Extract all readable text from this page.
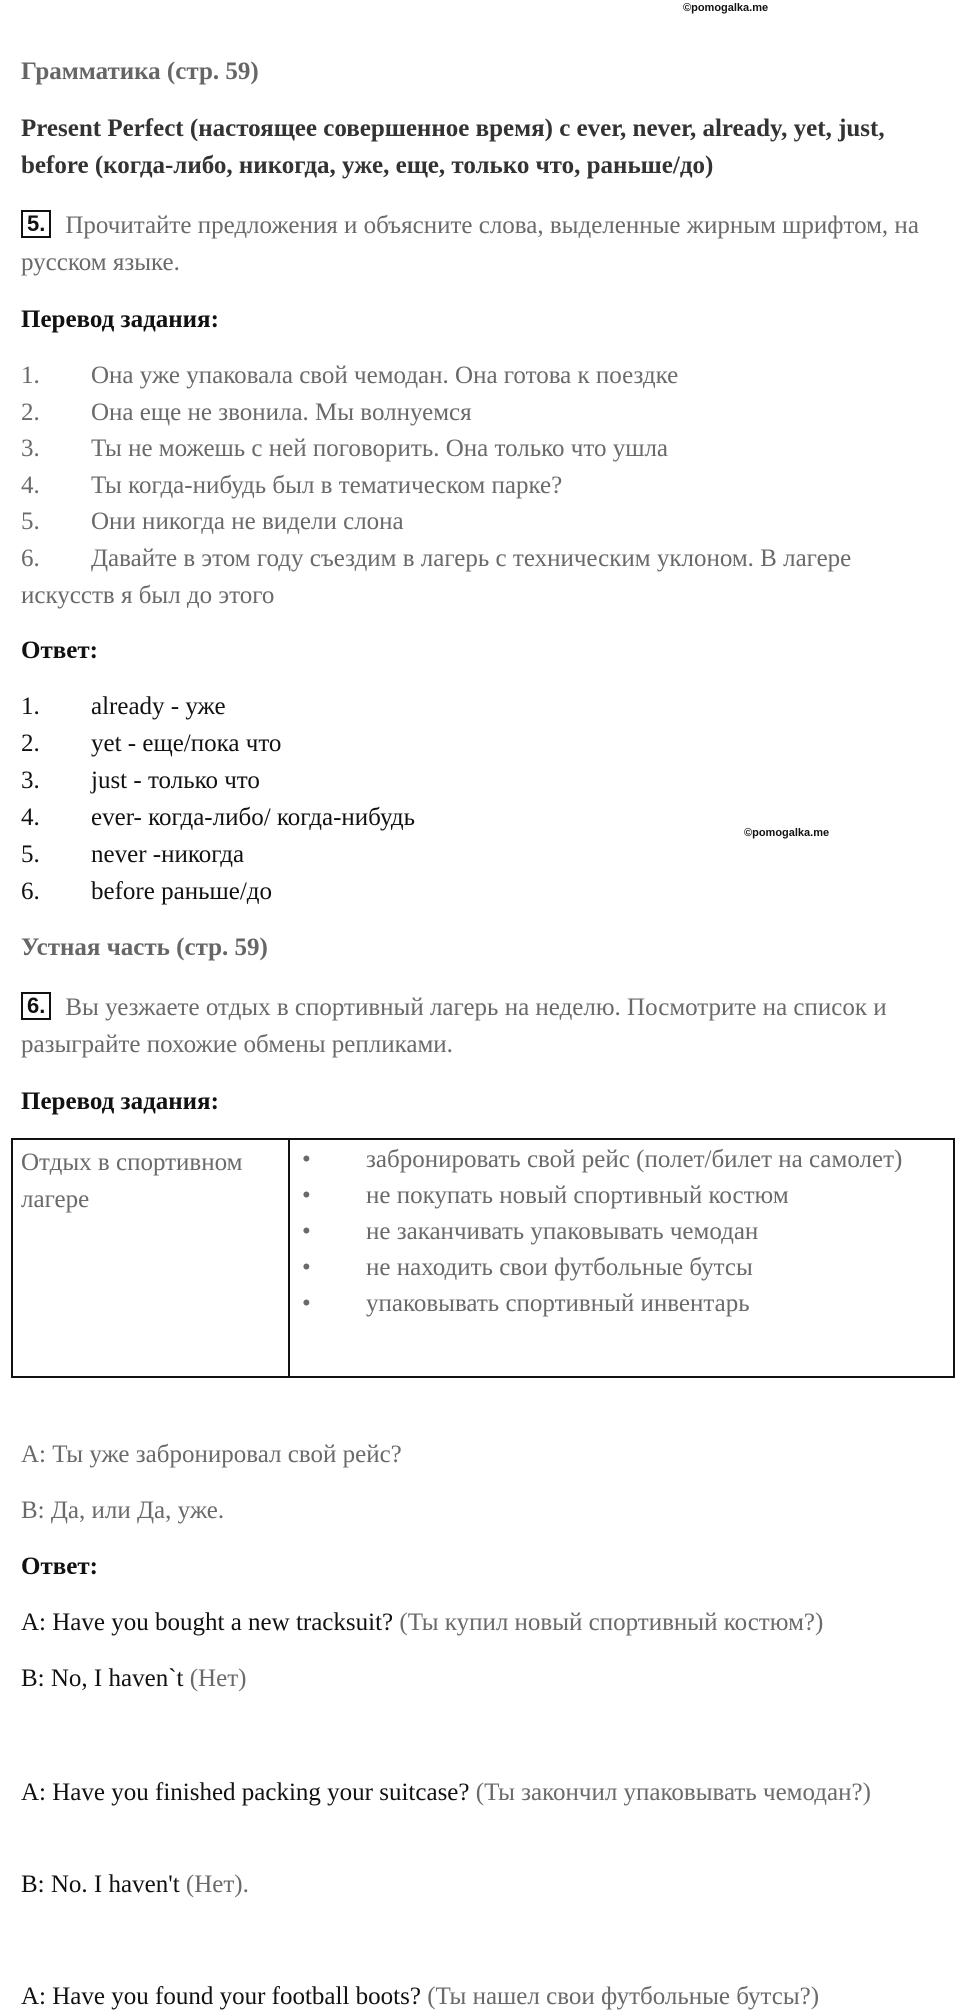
©pomogalka.me
Грамматика (стр. 59)
Present Perfect (настоящее совершенное время) с ever, never, already, yet, just, before (когда-либо, никогда, уже, еще, только что, раньше/до)
5. Прочитайте предложения и объясните слова, выделенные жирным шрифтом, на русском языке.
Перевод задания:
1. Она уже упаковала свой чемодан. Она готова к поездке
2. Она еще не звонила. Мы волнуемся
3. Ты не можешь с ней поговорить. Она только что ушла
4. Ты когда-нибудь был в тематическом парке?
5. Они никогда не видели слона
6. Давайте в этом году съездим в лагерь с техническим уклоном. В лагере искусств я был до этого
Ответ:
1. already - уже
2. yet - еще/пока что
3. just - только что
4. ever- когда-либо/ когда-нибудь
5. never -никогда
6. before раньше/до
©pomogalka.me
Устная часть (стр. 59)
6. Вы уезжаете отдых в спортивный лагерь на неделю. Посмотрите на список и разыграйте похожие обмены репликами.
Перевод задания:
Отдых в спортивном лагере
• забронировать свой рейс (полет/билет на самолет)
• не покупать новый спортивный костюм
• не заканчивать упаковывать чемодан
• не находить свои футбольные бутсы
• упаковывать спортивный инвентарь
A: Ты уже забронировал свой рейс?
B: Да, или Да, уже.
Ответ:
A: Have you bought a new tracksuit? (Ты купил новый спортивный костюм?)
B: No, I haven`t (Нет)
A: Have you finished packing your suitcase? (Ты закончил упаковывать чемодан?)
B: No. I haven't (Нет).
A: Have you found your football boots? (Ты нашел свои футбольные бутсы?)
